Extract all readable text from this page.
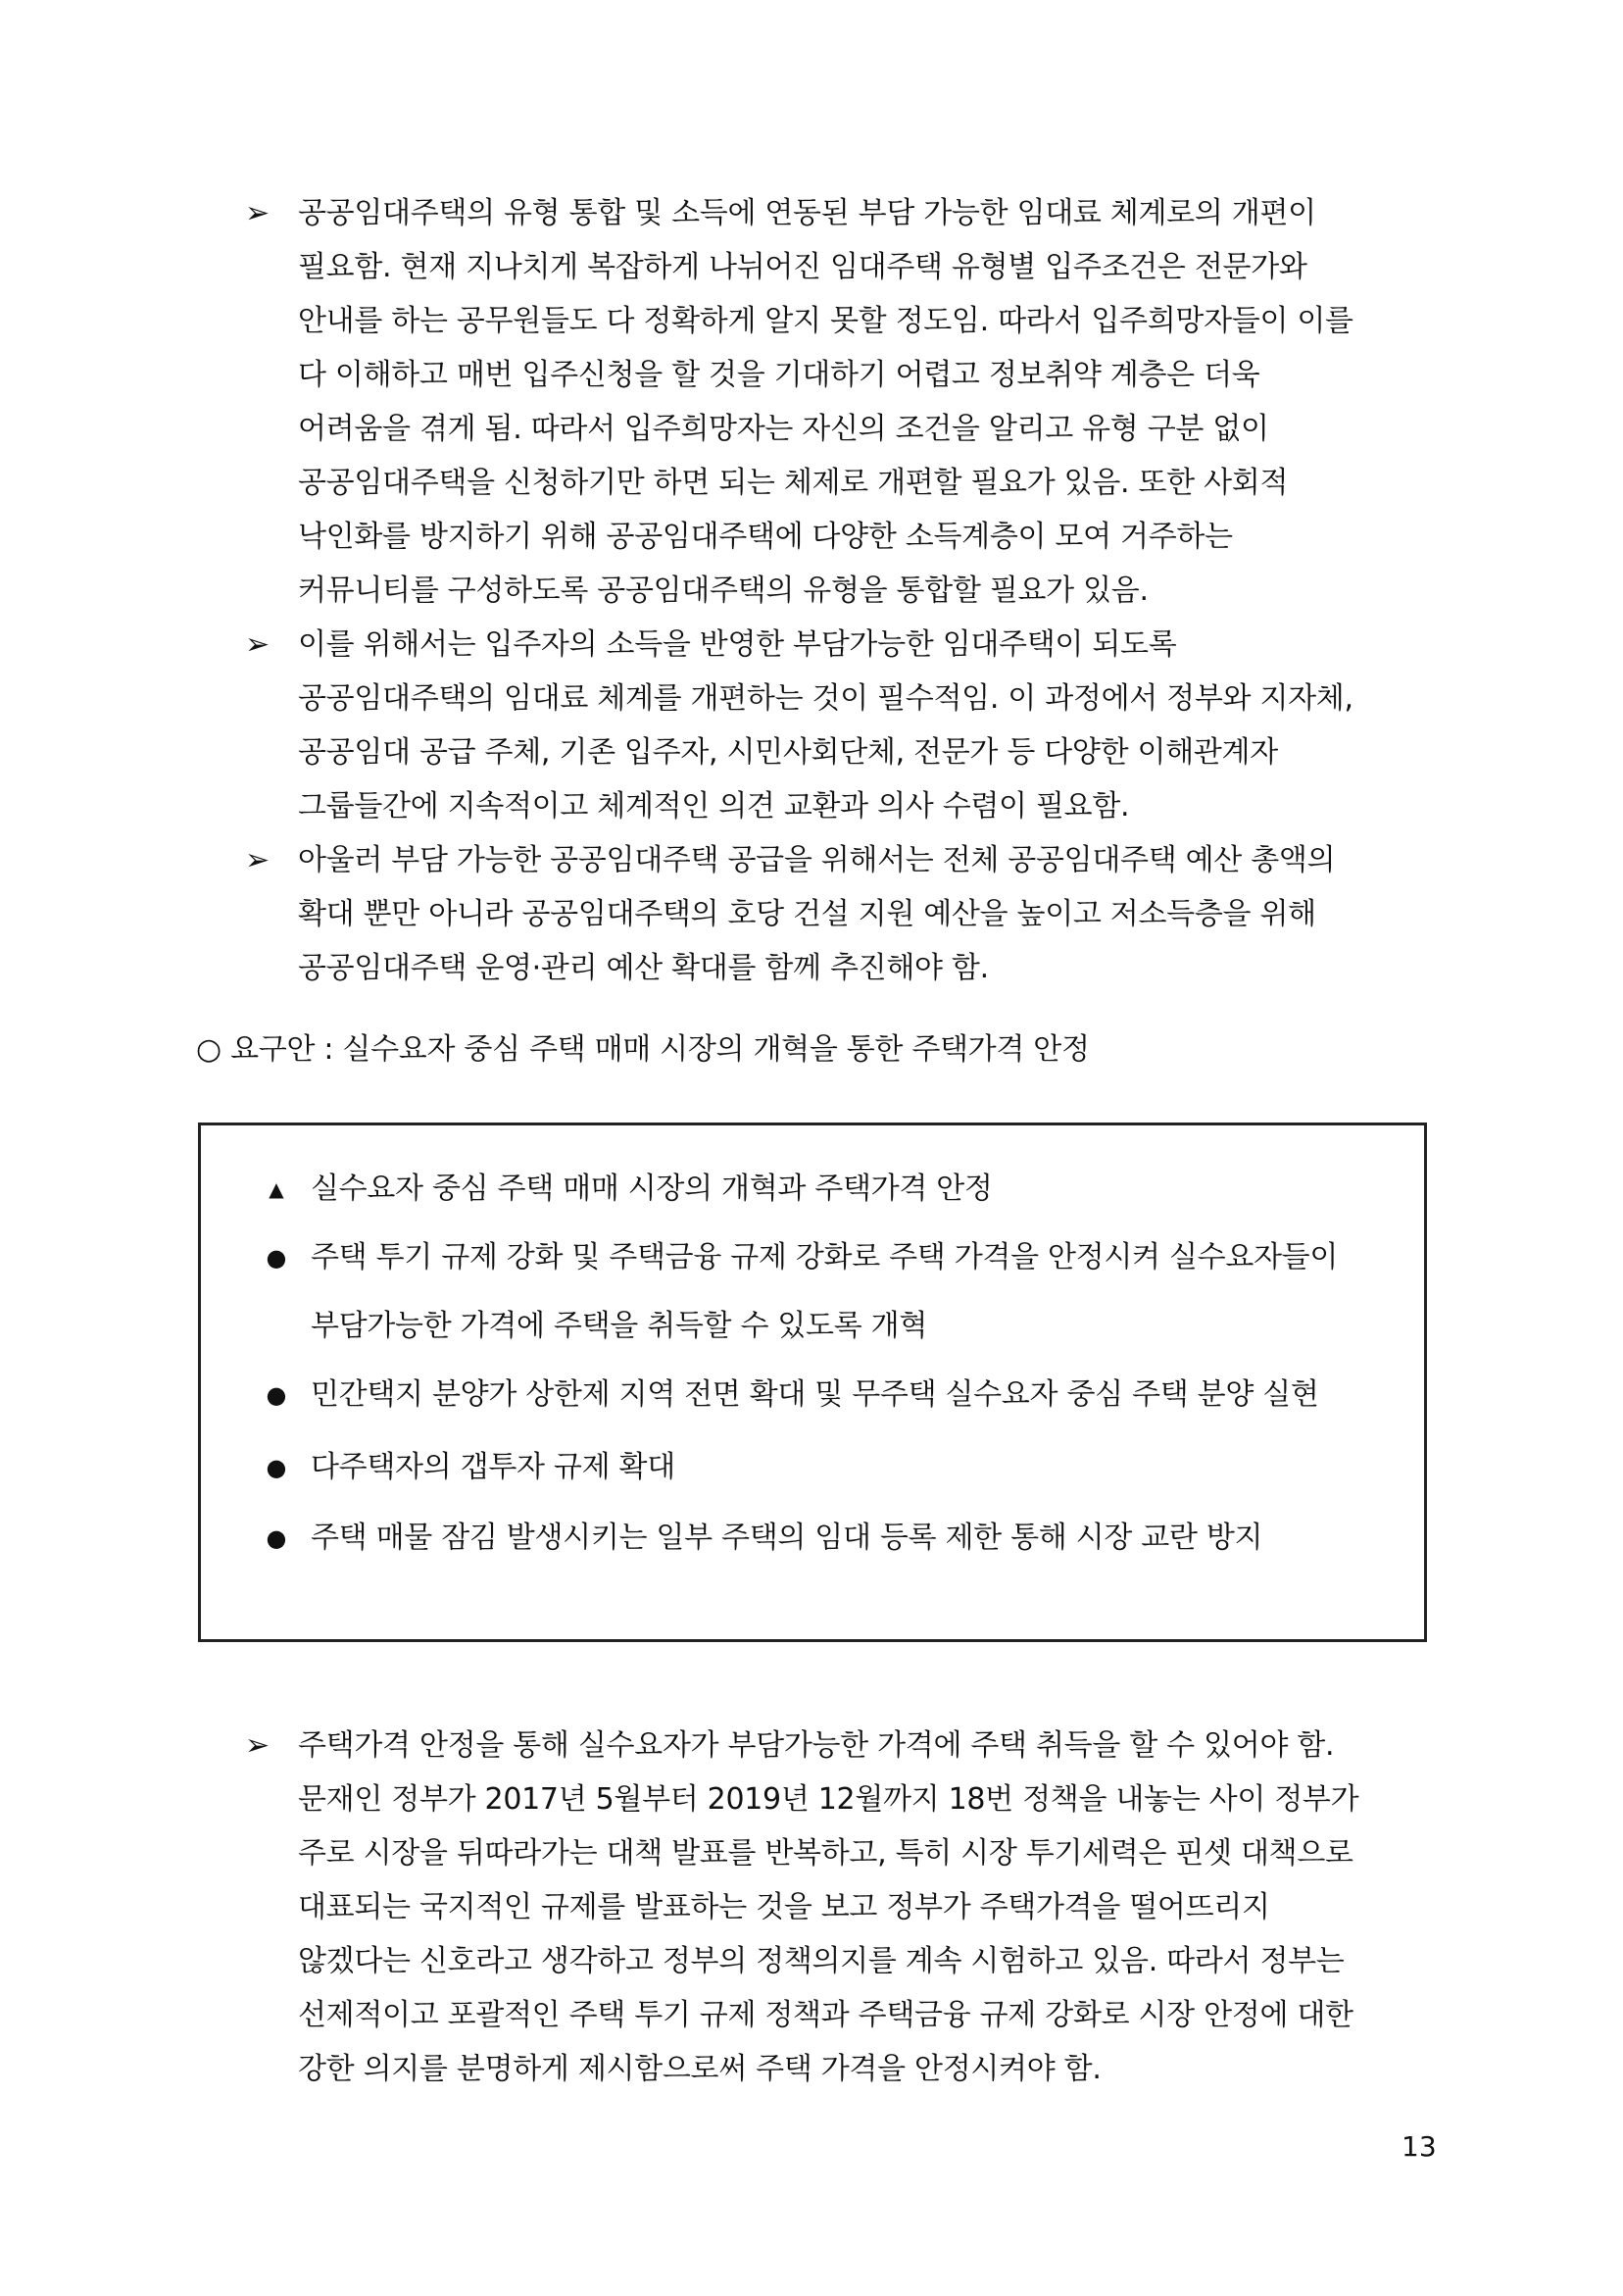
➢ 공공임대주택의 유형 통합 및 소득에 연동된 부담 가능한 임대료 체계로의 개편이
필요함. 현재 지나치게 복잡하게 나뉘어진 임대주택 유형별 입주조건은 전문가와
안내를 하는 공무원들도 다 정확하게 알지 못할 정도임. 따라서 입주희망자들이 이를
다 이해하고 매번 입주신청을 할 것을 기대하기 어렵고 정보취약 계층은 더욱
어려움을 겪게 됨. 따라서 입주희망자는 자신의 조건을 알리고 유형 구분 없이
공공임대주택을 신청하기만 하면 되는 체제로 개편할 필요가 있음. 또한 사회적
낙인화를 방지하기 위해 공공임대주택에 다양한 소득계층이 모여 거주하는
커뮤니티를 구성하도록 공공임대주택의 유형을 통합할 필요가 있음.
➢ 이를 위해서는 입주자의 소득을 반영한 부담가능한 임대주택이 되도록
공공임대주택의 임대료 체계를 개편하는 것이 필수적임. 이 과정에서 정부와 지자체,
공공임대 공급 주체, 기존 입주자, 시민사회단체, 전문가 등 다양한 이해관계자
그룹들간에 지속적이고 체계적인 의견 교환과 의사 수렴이 필요함.
➢ 아울러 부담 가능한 공공임대주택 공급을 위해서는 전체 공공임대주택 예산 총액의
확대 뿐만 아니라 공공임대주택의 호당 건설 지원 예산을 높이고 저소득층을 위해
공공임대주택 운영·관리 예산 확대를 함께 추진해야 함.
○ 요구안 : 실수요자 중심 주택 매매 시장의 개혁을 통한 주택가격 안정
▲ 실수요자 중심 주택 매매 시장의 개혁과 주택가격 안정
● 주택 투기 규제 강화 및 주택금융 규제 강화로 주택 가격을 안정시켜 실수요자들이
부담가능한 가격에 주택을 취득할 수 있도록 개혁
● 민간택지 분양가 상한제 지역 전면 확대 및 무주택 실수요자 중심 주택 분양 실현
● 다주택자의 갭투자 규제 확대
● 주택 매물 잠김 발생시키는 일부 주택의 임대 등록 제한 통해 시장 교란 방지
➢ 주택가격 안정을 통해 실수요자가 부담가능한 가격에 주택 취득을 할 수 있어야 함.
문재인 정부가 2017년 5월부터 2019년 12월까지 18번 정책을 내놓는 사이 정부가
주로 시장을 뒤따라가는 대책 발표를 반복하고, 특히 시장 투기세력은 핀셋 대책으로
대표되는 국지적인 규제를 발표하는 것을 보고 정부가 주택가격을 떨어뜨리지
않겠다는 신호라고 생각하고 정부의 정책의지를 계속 시험하고 있음. 따라서 정부는
선제적이고 포괄적인 주택 투기 규제 정책과 주택금융 규제 강화로 시장 안정에 대한
강한 의지를 분명하게 제시함으로써 주택 가격을 안정시켜야 함.
13
